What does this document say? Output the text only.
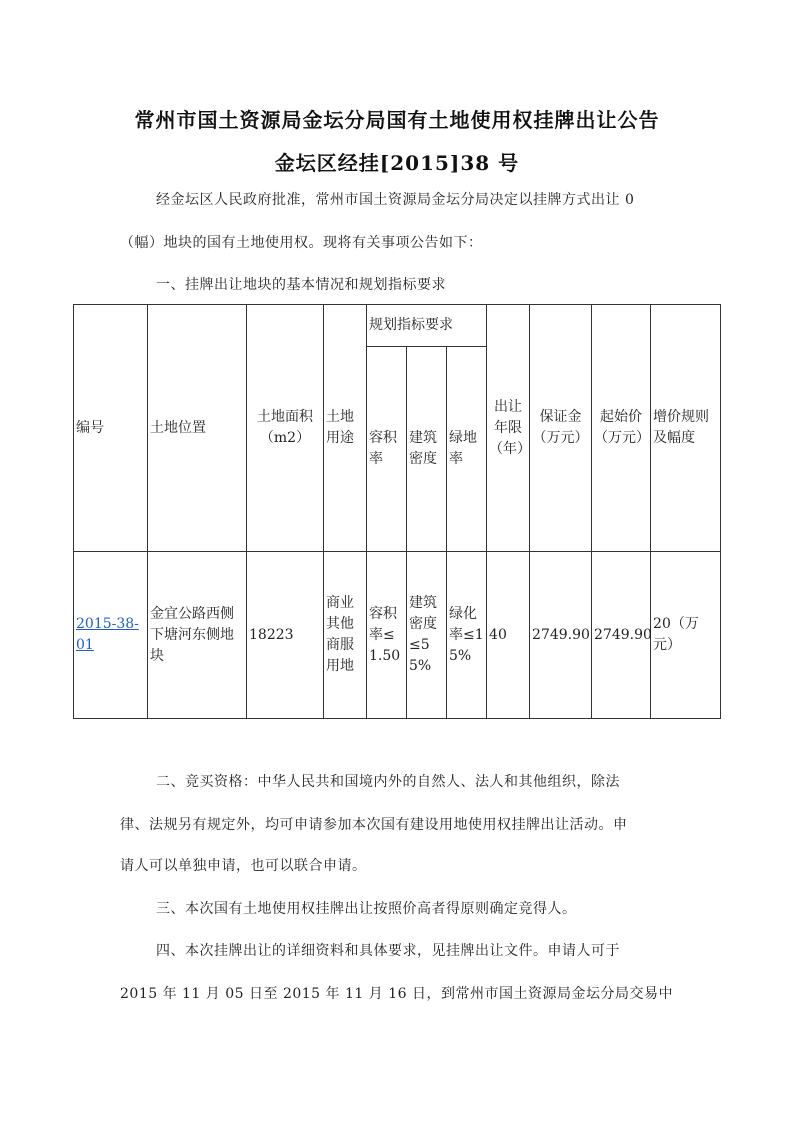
常州市国土资源局金坛分局国有土地使用权挂牌出让公告
金坛区经挂[2015]38 号
经金坛区人民政府批准，常州市国土资源局金坛分局决定以挂牌方式出让 0
（幅）地块的国有土地使用权。现将有关事项公告如下：
一、挂牌出让地块的基本情况和规划指标要求
编号	土地位置	土地面积（m2）	土地用途	规划指标要求			出让年限（年）	保证金（万元）	起始价（万元）	增价规则及幅度
				容积率	建筑密度	绿地率				
2015-38-01	金宜公路西侧下塘河东侧地块	18223	商业其他商服用地	容积率≤1.50	建筑密度≤55%	绿化率≤15%	40	2749.90	2749.90	20（万元）
二、竞买资格：中华人民共和国境内外的自然人、法人和其他组织，除法
律、法规另有规定外，均可申请参加本次国有建设用地使用权挂牌出让活动。申
请人可以单独申请，也可以联合申请。
三、本次国有土地使用权挂牌出让按照价高者得原则确定竞得人。
四、本次挂牌出让的详细资料和具体要求，见挂牌出让文件。申请人可于
2015 年 11 月 05 日至 2015 年 11 月 16 日，到常州市国土资源局金坛分局交易中
